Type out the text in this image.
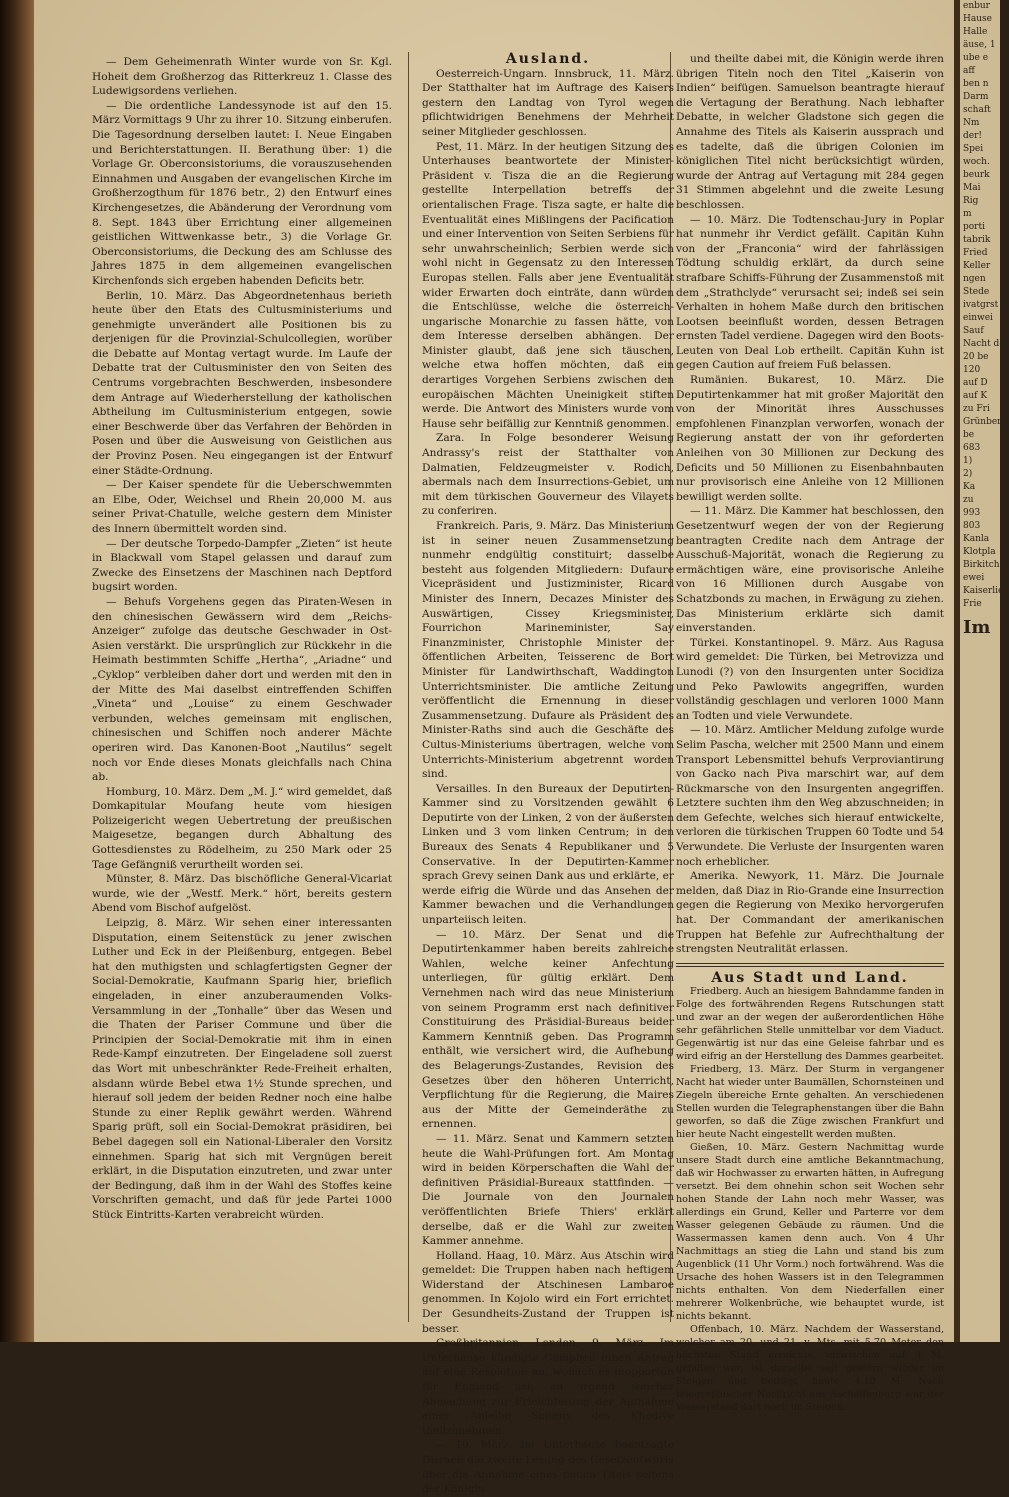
— Dem Geheimenrath Winter wurde von Sr. Kgl. Hoheit dem Großherzog das Ritterkreuz 1. Classe des Ludewigsordens verliehen.

— Die ordentliche Landessynode ist auf den 15. März Vormittags 9 Uhr zu ihrer 10. Sitzung einberufen. Die Tagesordnung derselben lautet: I. Neue Eingaben und Berichterstattungen. II. Berathung über: 1) die Vorlage Gr. Oberconsistoriums, die vorauszusehenden Einnahmen und Ausgaben der evangelischen Kirche im Großherzogthum für 1876 betr., 2) den Entwurf eines Kirchengesetzes, die Abänderung der Verordnung vom 8. Sept. 1843 über Errichtung einer allgemeinen geistlichen Wittwenkasse betr., 3) die Vorlage Gr. Oberconsistoriums, die Deckung des am Schlusse des Jahres 1875 in dem allgemeinen evangelischen Kirchenfonds sich ergeben habenden Deficits betr.

Berlin, 10. März. Das Abgeordnetenhaus berieth heute über den Etats des Cultusministeriums und genehmigte unverändert alle Positionen bis zu derjenigen für die Provinzial-Schulcollegien, worüber die Debatte auf Montag vertagt wurde. Im Laufe der Debatte trat der Cultusminister den von Seiten des Centrums vorgebrachten Beschwerden, insbesondere dem Antrage auf Wiederherstellung der katholischen Abtheilung im Cultusministerium entgegen, sowie einer Beschwerde über das Verfahren der Behörden in Posen und über die Ausweisung von Geistlichen aus der Provinz Posen. Neu eingegangen ist der Entwurf einer Städte-Ordnung.

— Der Kaiser spendete für die Ueberschwemmten an Elbe, Oder, Weichsel und Rhein 20,000 M. aus seiner Privat-Chatulle, welche gestern dem Minister des Innern übermittelt worden sind.

— Der deutsche Torpedo-Dampfer „Zieten“ ist heute in Blackwall vom Stapel gelassen und darauf zum Zwecke des Einsetzens der Maschinen nach Deptford bugsirt worden.

— Behufs Vorgehens gegen das Piraten-Wesen in den chinesischen Gewässern wird dem „Reichs-Anzeiger“ zufolge das deutsche Geschwader in Ost-Asien verstärkt. Die ursprünglich zur Rückkehr in die Heimath bestimmten Schiffe „Hertha“, „Ariadne“ und „Cyklop“ verbleiben daher dort und werden mit den in der Mitte des Mai daselbst eintreffenden Schiffen „Vineta“ und „Louise“ zu einem Geschwader verbunden, welches gemeinsam mit englischen, chinesischen und Schiffen noch anderer Mächte operiren wird. Das Kanonen-Boot „Nautilus“ segelt noch vor Ende dieses Monats gleichfalls nach China ab.

Homburg, 10. März. Dem „M. J.“ wird gemeldet, daß Domkapitular Moufang heute vom hiesigen Polizeigericht wegen Uebertretung der preußischen Maigesetze, begangen durch Abhaltung des Gottesdienstes zu Rödelheim, zu 250 Mark oder 25 Tage Gefängniß verurtheilt worden sei.

Münster, 8. März. Das bischöfliche General-Vicariat wurde, wie der „Westf. Merk.“ hört, bereits gestern Abend vom Bischof aufgelöst.

Leipzig, 8. März. Wir sehen einer interessanten Disputation, einem Seitenstück zu jener zwischen Luther und Eck in der Pleißenburg, entgegen. Bebel hat den muthigsten und schlagfertigsten Gegner der Social-Demokratie, Kaufmann Sparig hier, brieflich eingeladen, in einer anzuberaumenden Volks-Versammlung in der „Tonhalle“ über das Wesen und die Thaten der Pariser Commune und über die Principien der Social-Demokratie mit ihm in einen Rede-Kampf einzutreten. Der Eingeladene soll zuerst das Wort mit unbeschränkter Rede-Freiheit erhalten, alsdann würde Bebel etwa 1½ Stunde sprechen, und hierauf soll jedem der beiden Redner noch eine halbe Stunde zu einer Replik gewährt werden. Während Sparig prüft, soll ein Social-Demokrat präsidiren, bei Bebel dagegen soll ein National-Liberaler den Vorsitz einnehmen. Sparig hat sich mit Vergnügen bereit erklärt, in die Disputation einzutreten, und zwar unter der Bedingung, daß ihm in der Wahl des Stoffes keine Vorschriften gemacht, und daß für jede Partei 1000 Stück Eintritts-Karten verabreicht würden.

Ausland.

Oesterreich-Ungarn. Innsbruck, 11. März. Der Statthalter hat im Auftrage des Kaisers gestern den Landtag von Tyrol wegen pflichtwidrigen Benehmens der Mehrheit seiner Mitglieder geschlossen.

Pest, 11. März. In der heutigen Sitzung des Unterhauses beantwortete der Minister-Präsident v. Tisza die an die Regierung gestellte Interpellation betreffs der orientalischen Frage. Tisza sagte, er halte die Eventualität eines Mißlingens der Pacification und einer Intervention von Seiten Serbiens für sehr unwahrscheinlich; Serbien werde sich wohl nicht in Gegensatz zu den Interessen Europas stellen. Falls aber jene Eventualität wider Erwarten doch einträte, dann würden die Entschlüsse, welche die österreich-ungarische Monarchie zu fassen hätte, von dem Interesse derselben abhängen. Der Minister glaubt, daß jene sich täuschen, welche etwa hoffen möchten, daß ein derartiges Vorgehen Serbiens zwischen den europäischen Mächten Uneinigkeit stiften werde. Die Antwort des Ministers wurde vom Hause sehr beifällig zur Kenntniß genommen.

Zara. In Folge besonderer Weisung Andrassy's reist der Statthalter von Dalmatien, Feldzeugmeister v. Rodich, abermals nach dem Insurrections-Gebiet, um mit dem türkischen Gouverneur des Vilayets zu conferiren.

Frankreich. Paris, 9. März. Das Ministerium ist in seiner neuen Zusammensetzung nunmehr endgültig constituirt; dasselbe besteht aus folgenden Mitgliedern: Dufaure Vicepräsident und Justizminister, Ricard Minister des Innern, Decazes Minister des Auswärtigen, Cissey Kriegsminister, Fourrichon Marineminister, Say Finanzminister, Christophle Minister der öffentlichen Arbeiten, Teisserenc de Bort Minister für Landwirthschaft, Waddington Unterrichtsminister. Die amtliche Zeitung veröffentlicht die Ernennung in dieser Zusammensetzung. Dufaure als Präsident des Minister-Raths sind auch die Geschäfte des Cultus-Ministeriums übertragen, welche vom Unterrichts-Ministerium abgetrennt worden sind.

Versailles. In den Bureaux der Deputirten-Kammer sind zu Vorsitzenden gewählt 6 Deputirte von der Linken, 2 von der äußersten Linken und 3 vom linken Centrum; in den Bureaux des Senats 4 Republikaner und 5 Conservative. In der Deputirten-Kammer sprach Grevy seinen Dank aus und erklärte, er werde eifrig die Würde und das Ansehen der Kammer bewachen und die Verhandlungen unparteiisch leiten.

— 10. März. Der Senat und die Deputirtenkammer haben bereits zahlreiche Wahlen, welche keiner Anfechtung unterliegen, für gültig erklärt. Dem Vernehmen nach wird das neue Ministerium von seinem Programm erst nach definitiver Constituirung des Präsidial-Bureaus beider Kammern Kenntniß geben. Das Programm enthält, wie versichert wird, die Aufhebung des Belagerungs-Zustandes, Revision des Gesetzes über den höheren Unterricht, Verpflichtung für die Regierung, die Maires aus der Mitte der Gemeinderäthe zu ernennen.

— 11. März. Senat und Kammern setzten heute die Wahl-Prüfungen fort. Am Montag wird in beiden Körperschaften die Wahl der definitiven Präsidial-Bureaux stattfinden. — Die Journale von den Journalen veröffentlichten Briefe Thiers' erklärt derselbe, daß er die Wahl zur zweiten Kammer annehme.

Holland. Haag, 10. März. Aus Atschin wird gemeldet: Die Truppen haben nach heftigem Widerstand der Atschinesen Lambaroe genommen. In Kojolo wird ein Fort errichtet. Der Gesundheits-Zustand der Truppen ist besser.

Großbritannien. London, 9. März. Im Unterhause kündigte Campbell einen Antrag auf eine Resolution an, wonach es inopportun für England sei, an irgend welcher Abmachung zur Erleichterung der Aufnahme einer Anleihe Seitens des Khedive theilzunehmen.

— 10. März. Im Unterhause beantragte Disraeli die zweite Lesung des Gesetzentwurfs über die Annahme eines neuen Titels seitens der Königin

und theilte dabei mit, die Königin werde ihren übrigen Titeln noch den Titel „Kaiserin von Indien“ beifügen. Samuelson beantragte hierauf die Vertagung der Berathung. Nach lebhafter Debatte, in welcher Gladstone sich gegen die Annahme des Titels als Kaiserin aussprach und es tadelte, daß die übrigen Colonien im königlichen Titel nicht berücksichtigt würden, wurde der Antrag auf Vertagung mit 284 gegen 31 Stimmen abgelehnt und die zweite Lesung beschlossen.

— 10. März. Die Todtenschau-Jury in Poplar hat nunmehr ihr Verdict gefällt. Capitän Kuhn von der „Franconia“ wird der fahrlässigen Tödtung schuldig erklärt, da durch seine strafbare Schiffs-Führung der Zusammenstoß mit dem „Strathclyde“ verursacht sei; indeß sei sein Verhalten in hohem Maße durch den britischen Lootsen beeinflußt worden, dessen Betragen ernsten Tadel verdiene. Dagegen wird den Boots-Leuten von Deal Lob ertheilt. Capitän Kuhn ist gegen Caution auf freiem Fuß belassen.

Rumänien. Bukarest, 10. März. Die Deputirtenkammer hat mit großer Majorität den von der Minorität ihres Ausschusses empfohlenen Finanzplan verworfen, wonach der Regierung anstatt der von ihr geforderten Anleihen von 30 Millionen zur Deckung des Deficits und 50 Millionen zu Eisenbahnbauten nur provisorisch eine Anleihe von 12 Millionen bewilligt werden sollte.

— 11. März. Die Kammer hat beschlossen, den Gesetzentwurf wegen der von der Regierung beantragten Credite nach dem Antrage der Ausschuß-Majorität, wonach die Regierung zu ermächtigen wäre, eine provisorische Anleihe von 16 Millionen durch Ausgabe von Schatzbonds zu machen, in Erwägung zu ziehen. Das Ministerium erklärte sich damit einverstanden.

Türkei. Konstantinopel. 9. März. Aus Ragusa wird gemeldet: Die Türken, bei Metrovizza und Lunodi (?) von den Insurgenten unter Socidiza und Peko Pawlowits angegriffen, wurden vollständig geschlagen und verloren 1000 Mann an Todten und viele Verwundete.

— 10. März. Amtlicher Meldung zufolge wurde Selim Pascha, welcher mit 2500 Mann und einem Transport Lebensmittel behufs Verproviantirung von Gacko nach Piva marschirt war, auf dem Rückmarsche von den Insurgenten angegriffen. Letztere suchten ihm den Weg abzuschneiden; in dem Gefechte, welches sich hierauf entwickelte, verloren die türkischen Truppen 60 Todte und 54 Verwundete. Die Verluste der Insurgenten waren noch erheblicher.

Amerika. Newyork, 11. März. Die Journale melden, daß Diaz in Rio-Grande eine Insurrection gegen die Regierung von Mexiko hervorgerufen hat. Der Commandant der amerikanischen Truppen hat Befehle zur Aufrechthaltung der strengsten Neutralität erlassen.

Aus Stadt und Land.

Friedberg. Auch an hiesigem Bahndamme fanden in Folge des fortwährenden Regens Rutschungen statt und zwar an der wegen der außerordentlichen Höhe sehr gefährlichen Stelle unmittelbar vor dem Viaduct. Gegenwärtig ist nur das eine Geleise fahrbar und es wird eifrig an der Herstellung des Dammes gearbeitet.

Friedberg, 13. März. Der Sturm in vergangener Nacht hat wieder unter Baumällen, Schornsteinen und Ziegeln übereiche Ernte gehalten. An verschiedenen Stellen wurden die Telegraphenstangen über die Bahn geworfen, so daß die Züge zwischen Frankfurt und hier heute Nacht eingestellt werden mußten.

Gießen, 10. März. Gestern Nachmittag wurde unsere Stadt durch eine amtliche Bekanntmachung, daß wir Hochwasser zu erwarten hätten, in Aufregung versetzt. Bei dem ohnehin schon seit Wochen sehr hohen Stande der Lahn noch mehr Wasser, was allerdings ein Grund, Keller und Parterre vor dem Wasser gelegenen Gebäude zu räumen. Und die Wassermassen kamen denn auch. Von 4 Uhr Nachmittags an stieg die Lahn und stand bis zum Augenblick (11 Uhr Vorm.) noch fortwährend. Was die Ursache des hohen Wassers ist in den Telegrammen nichts enthalten. Von dem Niederfallen einer mehrerer Wolkenbrüche, wie behauptet wurde, ist nichts bekannt.

Offenbach, 10. März. Nachdem der Wasserstand, welcher am 20. und 21. v. Mts. mit 5.70 Meter den höchsten Stand erreichte, inzwischen auf 3 M. gefallen war, ist derselbe seit gestern wieder im Steigen und beträgt heute 4.10 M. Nach telegraphischer Nachricht aus Aschaffenburg war der Wasserstand dort noch im Steigen.

enbur
Hause
Halle
äuse, 1
ube e
aff
ben n
Darm
schaft
Nm
der!
Spei
woch.
beurk
Mai
Rig
m
porti
tabrik
Fried
Keller
ngen
Stede
ivatgrst
einwei
Sauf
Nacht der
20 be
120
auf D
auf K
zu Fri
Grünber
be
683
1)
2)
Ka
zu
993
803
Kanla
Klotpla
Birkitche
ewei
Kaiserlie
Frie
Im
